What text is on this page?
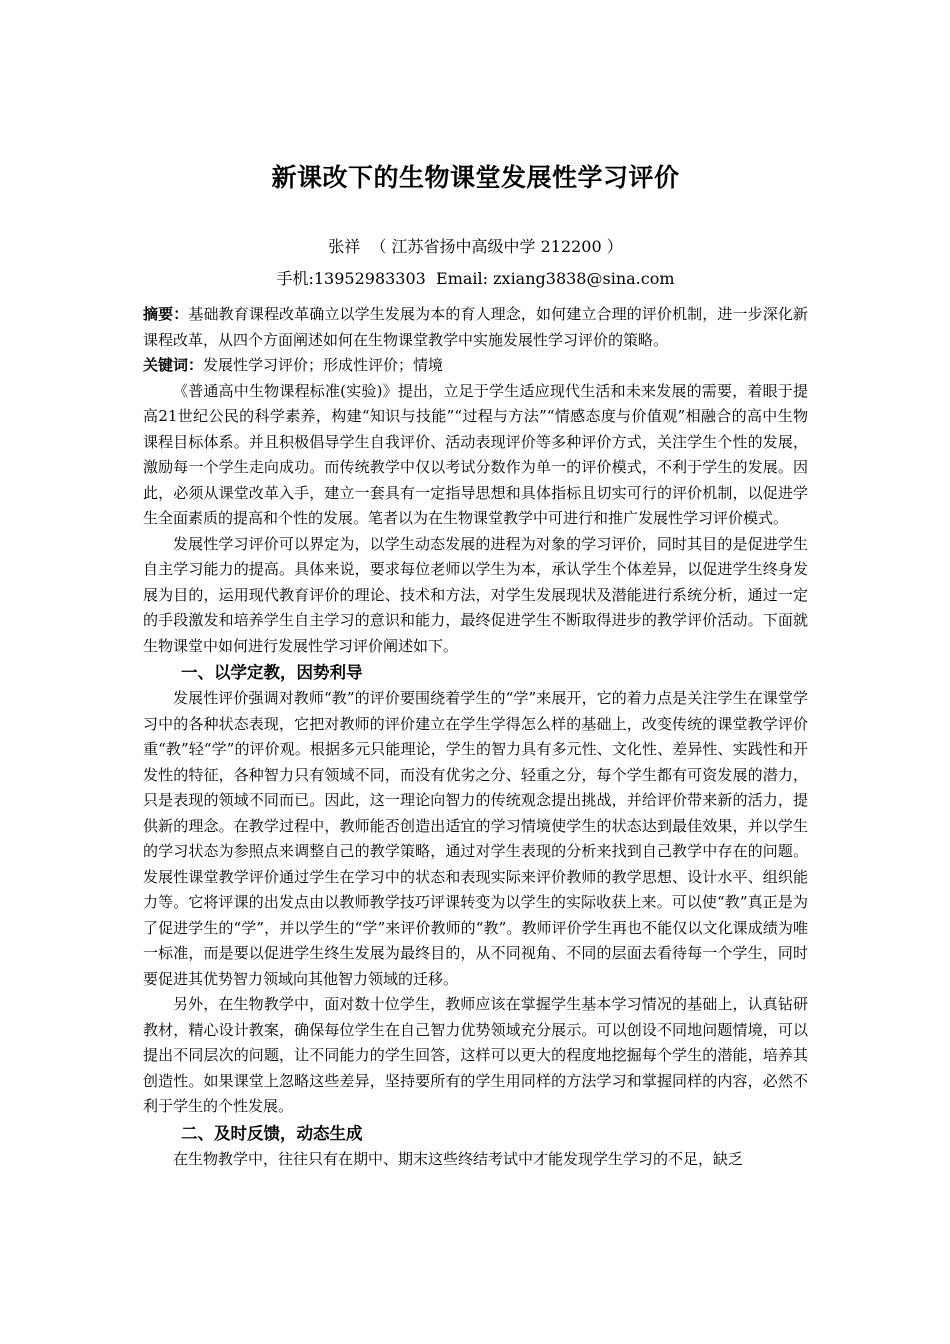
新课改下的生物课堂发展性学习评价
张祥  （ 江苏省扬中高级中学 212200 ）
手机:13952983303  Email: zxiang3838@sina.com

摘要：基础教育课程改革确立以学生发展为本的育人理念，如何建立合理的评价机制，进一步深化新课程改革，从四个方面阐述如何在生物课堂教学中实施发展性学习评价的策略。

关键词：发展性学习评价；形成性评价；情境

《普通高中生物课程标准(实验)》提出，立足于学生适应现代生活和未来发展的需要，着眼于提高21世纪公民的科学素养，构建“知识与技能”“过程与方法”“情感态度与价值观”相融合的高中生物课程目标体系。并且积极倡导学生自我评价、活动表现评价等多种评价方式，关注学生个性的发展，激励每一个学生走向成功。而传统教学中仅以考试分数作为单一的评价模式，不利于学生的发展。因此，必须从课堂改革入手，建立一套具有一定指导思想和具体指标且切实可行的评价机制，以促进学生全面素质的提高和个性的发展。笔者以为在生物课堂教学中可进行和推广发展性学习评价模式。

发展性学习评价可以界定为，以学生动态发展的进程为对象的学习评价，同时其目的是促进学生自主学习能力的提高。具体来说，要求每位老师以学生为本，承认学生个体差异，以促进学生终身发展为目的，运用现代教育评价的理论、技术和方法，对学生发展现状及潜能进行系统分析，通过一定的手段激发和培养学生自主学习的意识和能力，最终促进学生不断取得进步的教学评价活动。下面就生物课堂中如何进行发展性学习评价阐述如下。

一、以学定教，因势利导

发展性评价强调对教师“教”的评价要围绕着学生的“学”来展开，它的着力点是关注学生在课堂学习中的各种状态表现，它把对教师的评价建立在学生学得怎么样的基础上，改变传统的课堂教学评价重“教”轻“学”的评价观。根据多元只能理论，学生的智力具有多元性、文化性、差异性、实践性和开发性的特征，各种智力只有领域不同，而没有优劣之分、轻重之分，每个学生都有可资发展的潜力，只是表现的领域不同而已。因此，这一理论向智力的传统观念提出挑战，并给评价带来新的活力，提供新的理念。在教学过程中，教师能否创造出适宜的学习情境使学生的状态达到最佳效果，并以学生的学习状态为参照点来调整自己的教学策略，通过对学生表现的分析来找到自己教学中存在的问题。发展性课堂教学评价通过学生在学习中的状态和表现实际来评价教师的教学思想、设计水平、组织能力等。它将评课的出发点由以教师教学技巧评课转变为以学生的实际收获上来。可以使“教”真正是为了促进学生的“学”，并以学生的“学”来评价教师的“教”。教师评价学生再也不能仅以文化课成绩为唯一标准，而是要以促进学生终生发展为最终目的，从不同视角、不同的层面去看待每一个学生，同时要促进其优势智力领域向其他智力领域的迁移。

另外，在生物教学中，面对数十位学生，教师应该在掌握学生基本学习情况的基础上，认真钻研教材，精心设计教案，确保每位学生在自己智力优势领域充分展示。可以创设不同地问题情境，可以提出不同层次的问题，让不同能力的学生回答，这样可以更大的程度地挖掘每个学生的潜能，培养其创造性。如果课堂上忽略这些差异，坚持要所有的学生用同样的方法学习和掌握同样的内容，必然不利于学生的个性发展。

二、及时反馈，动态生成

在生物教学中，往往只有在期中、期末这些终结考试中才能发现学生学习的不足，缺乏
